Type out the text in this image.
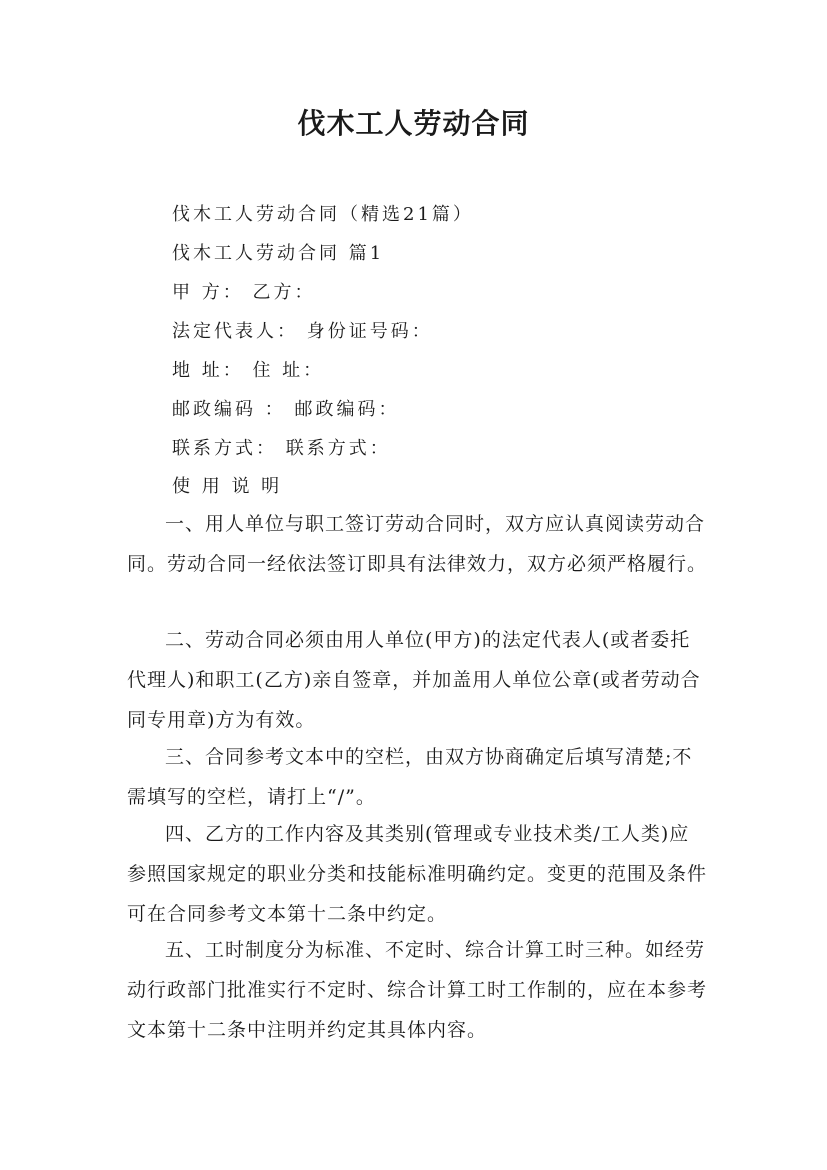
伐木工人劳动合同
伐木工人劳动合同（精选21篇）
伐木工人劳动合同 篇1
甲 方： 乙方：
法定代表人： 身份证号码：
地 址： 住 址：
邮政编码 ： 邮政编码：
联系方式： 联系方式：
使 用 说 明

一、用人单位与职工签订劳动合同时，双方应认真阅读劳动合同。劳动合同一经依法签订即具有法律效力，双方必须严格履行。

二、劳动合同必须由用人单位(甲方)的法定代表人(或者委托代理人)和职工(乙方)亲自签章，并加盖用人单位公章(或者劳动合同专用章)方为有效。

三、合同参考文本中的空栏，由双方协商确定后填写清楚;不需填写的空栏，请打上“/”。

四、乙方的工作内容及其类别(管理或专业技术类/工人类)应参照国家规定的职业分类和技能标准明确约定。变更的范围及条件可在合同参考文本第十二条中约定。

五、工时制度分为标准、不定时、综合计算工时三种。如经劳动行政部门批准实行不定时、综合计算工时工作制的，应在本参考文本第十二条中注明并约定其具体内容。
